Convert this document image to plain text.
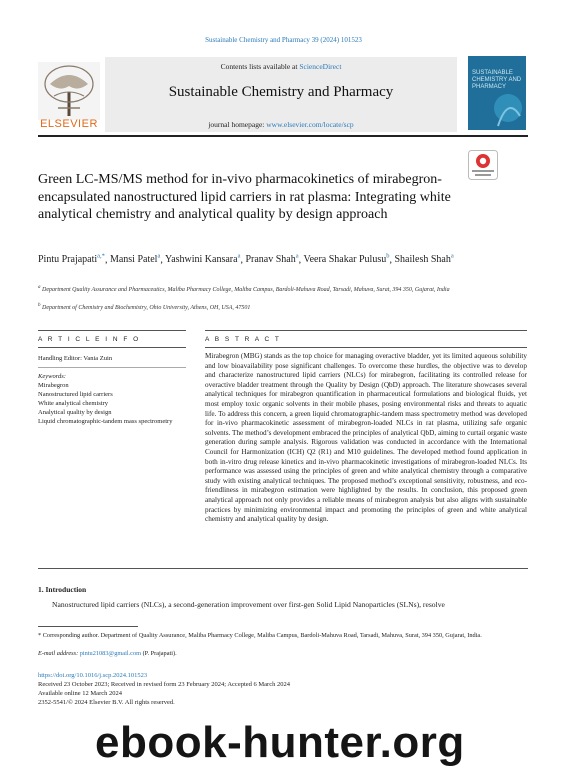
Sustainable Chemistry and Pharmacy 39 (2024) 101523
ELSEVIER
Contents lists available at ScienceDirect
Sustainable Chemistry and Pharmacy
journal homepage: www.elsevier.com/locate/scp
SUSTAINABLE CHEMISTRY AND PHARMACY
Green LC-MS/MS method for in-vivo pharmacokinetics of mirabegron-encapsulated nanostructured lipid carriers in rat plasma: Integrating white analytical chemistry and analytical quality by design approach
Pintu Prajapati$^{a,*}$, Mansi Patel$^a$, Yashwini Kansara$^a$, Pranav Shah$^a$, Veera Shakar Pulusu$^b$, Shailesh Shah$^a$
$^a$ Department Quality Assurance and Pharmaceutics, Maliba Pharmacy College, Maliba Campus, Bardoli-Mahuva Road, Tarsadi, Mahuva, Surat, 394 350, Gujarat, India
$^b$ Department of Chemistry and Biochemistry, Ohio University, Athens, OH, USA, 47501
A R T I C L E I N F O	A B S T R A C T
Handling Editor: Vania Zuin
Keywords:
Mirabegron
Nanostructured lipid carriers
White analytical chemistry
Analytical quality by design
Liquid chromatographic-tandem mass spectrometry
Mirabegron (MBG) stands as the top choice for managing overactive bladder, yet its limited aqueous solubility and low bioavailability pose significant challenges. To overcome these hurdles, the objective was to develop and characterize nanostructured lipid carriers (NLCs) for mirabegron, facilitating its controlled release for overactive bladder treatment through the Quality by Design (QbD) approach. The literature showcases several analytical techniques for mirabegron quantification in pharmaceutical formulations and biological fluids, yet most employ toxic organic solvents in their mobile phases, posing environmental risks and threats to aquatic life. To address this concern, a green liquid chromatographic-tandem mass spectrometry method was developed for in-vivo pharmacokinetic assessment of mirabegron-loaded NLCs in rat plasma, utilizing safe organic solvents. The method’s development embraced the principles of analytical QbD, aiming to curtail organic waste generation during sample analysis. Rigorous validation was conducted in accordance with the International Council for Harmonization (ICH) Q2 (R1) and M10 guidelines. The developed method found application in both in-vitro drug release kinetics and in-vivo pharmacokinetic investigations of mirabegron-loaded NLCs. Its performance was assessed using the principles of green and white analytical chemistry through a comparative study with existing analytical techniques. The proposed method’s exceptional sensitivity, robustness, and eco-friendliness in mirabegron estimation were highlighted by the results. In conclusion, this proposed green analytical approach not only provides a reliable means of mirabegron analysis but also aligns with sustainable practices by minimizing environmental impact and promoting the principles of green and white analytical chemistry and analytical quality by design.
1. Introduction
Nanostructured lipid carriers (NLCs), a second-generation improvement over first-gen Solid Lipid Nanoparticles (SLNs), resolve
* Corresponding author. Department of Quality Assurance, Maliba Pharmacy College, Maliba Campus, Bardoli-Mahuva Road, Tarsadi, Mahuva, Surat, 394 350, Gujarat, India.
E-mail address: pintu21083@gmail.com (P. Prajapati).
https://doi.org/10.1016/j.scp.2024.101523
Received 23 October 2023; Received in revised form 23 February 2024; Accepted 6 March 2024
Available online 12 March 2024
2352-5541/© 2024 Elsevier B.V. All rights reserved.
ebook-hunter.org
